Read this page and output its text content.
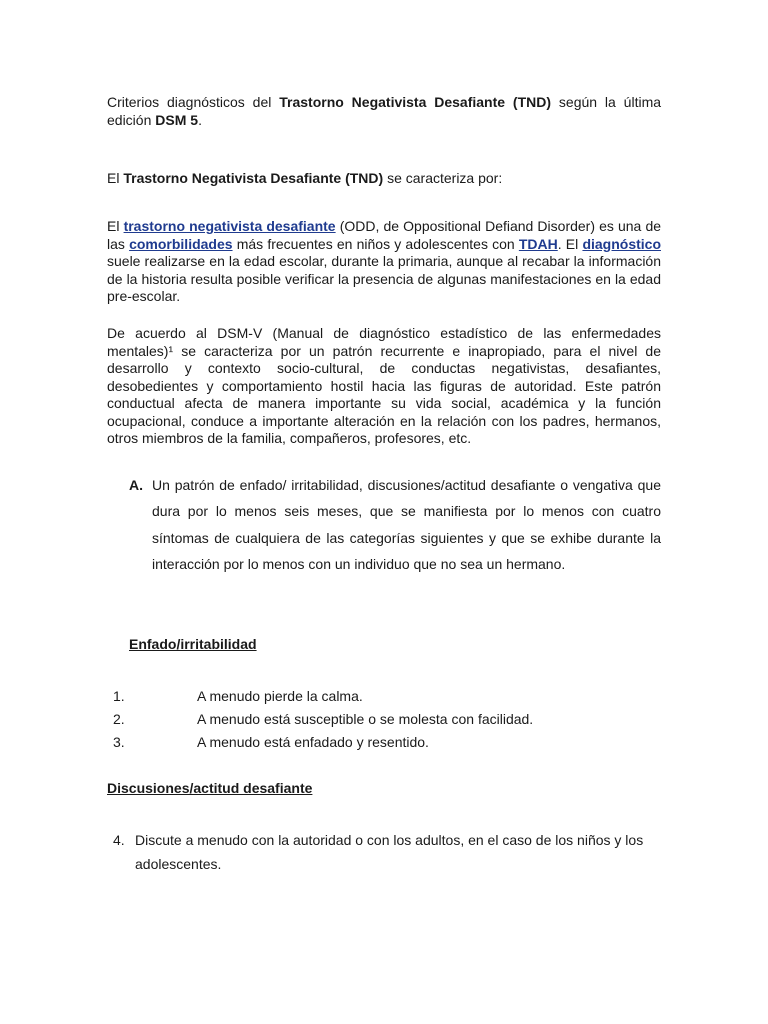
Criterios diagnósticos del Trastorno Negativista Desafiante (TND) según la última edición DSM 5.
El Trastorno Negativista Desafiante (TND) se caracteriza por:
El trastorno negativista desafiante (ODD, de Oppositional Defiand Disorder) es una de las comorbilidades más frecuentes en niños y adolescentes con TDAH. El diagnóstico suele realizarse en la edad escolar, durante la primaria, aunque al recabar la información de la historia resulta posible verificar la presencia de algunas manifestaciones en la edad pre-escolar.
De acuerdo al DSM-V (Manual de diagnóstico estadístico de las enfermedades mentales)¹ se caracteriza por un patrón recurrente e inapropiado, para el nivel de desarrollo y contexto socio-cultural, de conductas negativistas, desafiantes, desobedientes y comportamiento hostil hacia las figuras de autoridad. Este patrón conductual afecta de manera importante su vida social, académica y la función ocupacional, conduce a importante alteración en la relación con los padres, hermanos, otros miembros de la familia, compañeros, profesores, etc.
A. Un patrón de enfado/ irritabilidad, discusiones/actitud desafiante o vengativa que dura por lo menos seis meses, que se manifiesta por lo menos con cuatro síntomas de cualquiera de las categorías siguientes y que se exhibe durante la interacción por lo menos con un individuo que no sea un hermano.
Enfado/irritabilidad
1.	A menudo pierde la calma.
2.	A menudo está susceptible o se molesta con facilidad.
3.	A menudo está enfadado y resentido.
Discusiones/actitud desafiante
4. Discute a menudo con la autoridad o con los adultos, en el caso de los niños y los adolescentes.
